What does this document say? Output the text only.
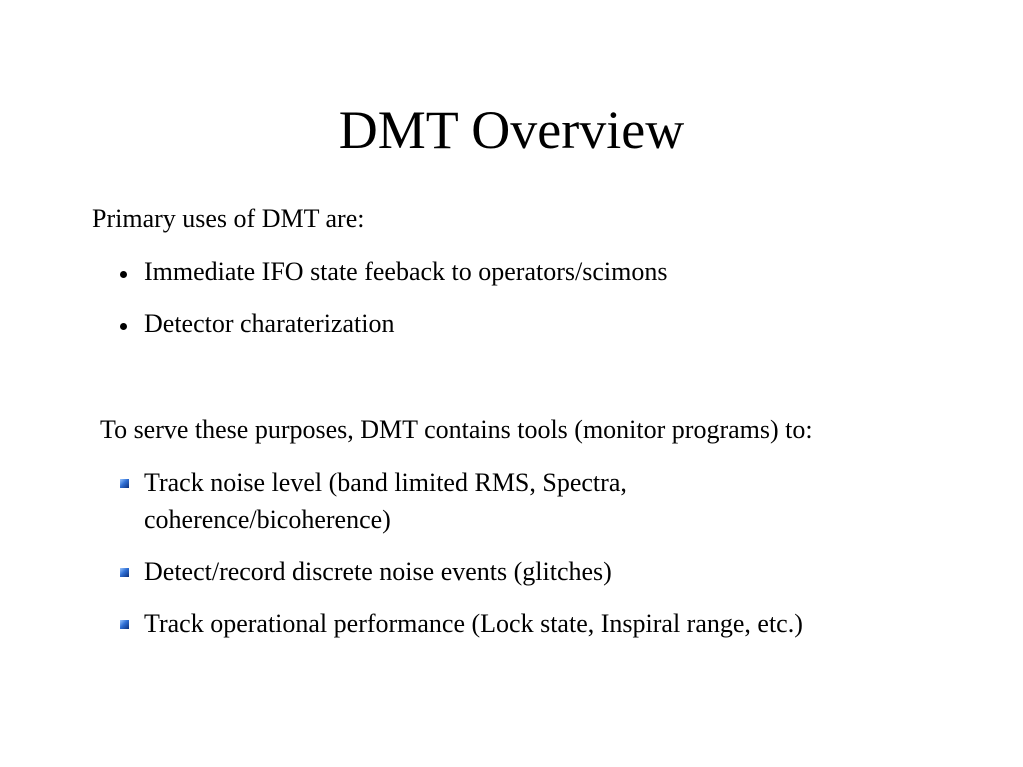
DMT Overview
Primary uses of DMT are:
Immediate IFO state feeback to operators/scimons
Detector charaterization
To serve these purposes, DMT contains tools (monitor programs) to:
Track noise level (band limited RMS, Spectra, coherence/bicoherence)
Detect/record discrete noise events (glitches)
Track operational performance (Lock state, Inspiral range, etc.)
